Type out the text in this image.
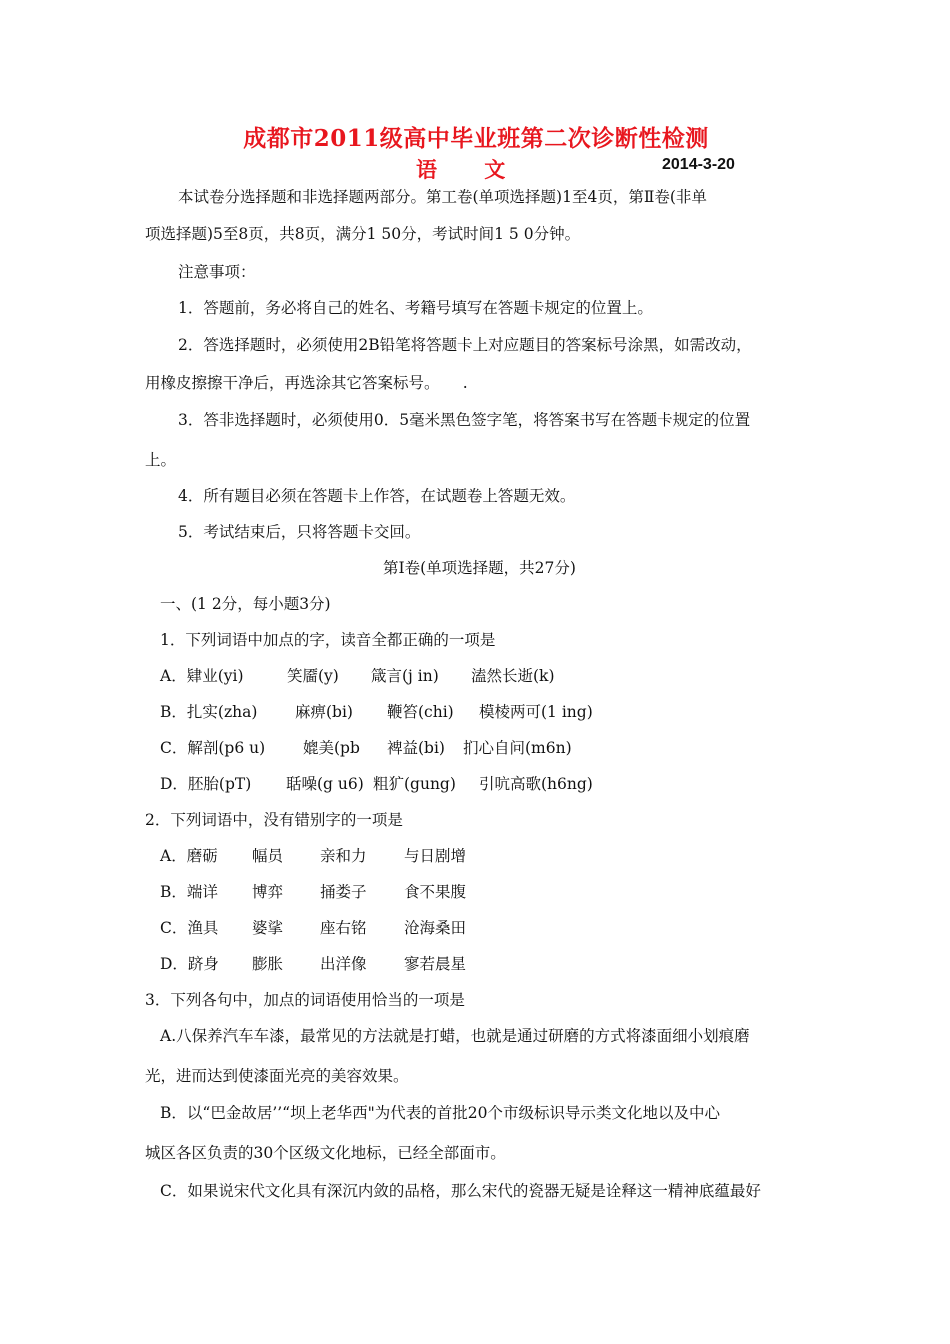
成都市2011级高中毕业班第二次诊断性检测
语 文	2014-3-20
本试卷分选择题和非选择题两部分。第工卷(单项选择题)1至4页，第Ⅱ卷(非单
项选择题)5至8页，共8页，满分1 50分，考试时间1 5 0分钟。
注意事项：
1．答题前，务必将自己的姓名、考籍号填写在答题卡规定的位置上。
2．答选择题时，必须使用2B铅笔将答题卡上对应题目的答案标号涂黑，如需改动，
用橡皮擦擦干净后，再选涂其它答案标号。　　.
3．答非选择题时，必须使用0．5毫米黑色签字笔，将答案书写在答题卡规定的位置
上。
4．所有题目必须在答题卡上作答，在试题卷上答题无效。
5．考试结束后，只将答题卡交回。
第Ⅰ卷(单项选择题，共27分)
一、(1 2分，每小题3分)
1．下列词语中加点的字，读音全都正确的一项是
A．肄业(yi)	笑靥(y) 箴言(j in) 溘然长逝(k)
B．扎实(zha) 麻痹(bi) 鞭笞(chi) 模棱两可(1 ing)
C．解剖(p6 u) 媲美(pb 裨益(bi) 扪心自问(m6n)
D．胚胎(pT) 聒噪(g u6) 粗犷(gung) 引吭高歌(h6ng)
2．下列词语中，没有错别字的一项是
A．磨砺 幅员 亲和力 与日剧增
B．端详 博弈 捅娄子 食不果腹
C．渔具 婆挲 座右铭 沧海桑田
D．跻身 膨胀 出洋像 寥若晨星
3．下列各句中，加点的词语使用恰当的一项是
A.八保养汽车车漆，最常见的方法就是打蜡，也就是通过研磨的方式将漆面细小划痕磨
光，进而达到使漆面光亮的美容效果。
B．以“巴金故居’’“坝上老华西"为代表的首批20个市级标识导示类文化地以及中心
城区各区负责的30个区级文化地标，已经全部面市。
C．如果说宋代文化具有深沉内敛的品格，那么宋代的瓷器无疑是诠释这一精神底蕴最好
